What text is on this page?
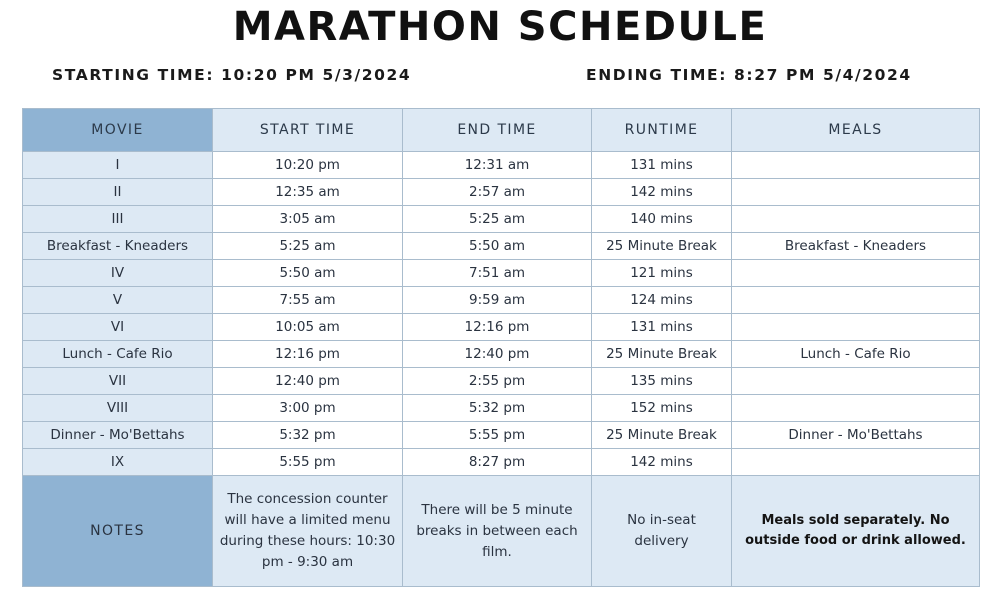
MARATHON SCHEDULE
STARTING TIME: 10:20 PM 5/3/2024	ENDING TIME: 8:27 PM 5/4/2024
MOVIE	START TIME	END TIME	RUNTIME	MEALS
I	10:20 pm	12:31 am	131 mins	
II	12:35 am	2:57 am	142 mins	
III	3:05 am	5:25 am	140 mins	
Breakfast - Kneaders	5:25 am	5:50 am	25 Minute Break	Breakfast - Kneaders
IV	5:50 am	7:51 am	121 mins	
V	7:55 am	9:59 am	124 mins	
VI	10:05 am	12:16 pm	131 mins	
Lunch - Cafe Rio	12:16 pm	12:40 pm	25 Minute Break	Lunch - Cafe Rio
VII	12:40 pm	2:55 pm	135 mins	
VIII	3:00 pm	5:32 pm	152 mins	
Dinner - Mo'Bettahs	5:32 pm	5:55 pm	25 Minute Break	Dinner - Mo'Bettahs
IX	5:55 pm	8:27 pm	142 mins	
NOTES	The concession counter will have a limited menu during these hours: 10:30 pm - 9:30 am	There will be 5 minute breaks in between each film.	No in-seat delivery	Meals sold separately. No outside food or drink allowed.
